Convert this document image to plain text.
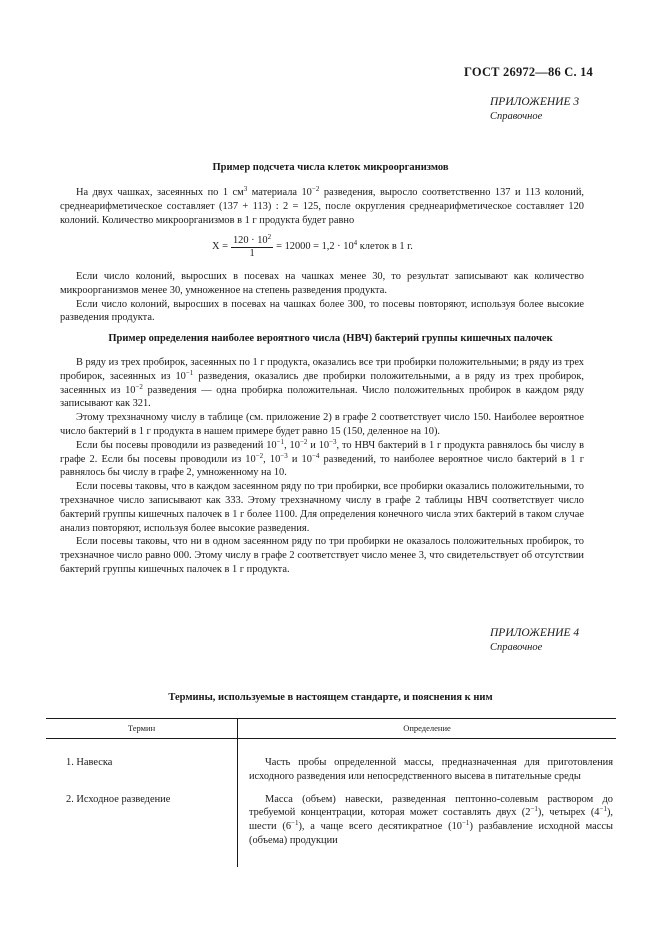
ГОСТ 26972—86 С. 14
ПРИЛОЖЕНИЕ 3
Справочное
Пример подсчета числа клеток микроорганизмов

На двух чашках, засеянных по 1 $см^3$ материала $10^{-2}$ разведения, выросло соответственно 137 и 113 колоний, среднеарифметическое составляет (137 + 113) : 2 = 125, после округления среднеарифметическое составляет 120 колоний. Количество микроорганизмов в 1 г продукта будет равно

$X = \frac{120 \cdot 10^2}{1} = 12000 = 1,2 \cdot 10^4$ клеток в 1 г.

Если число колоний, выросших в посевах на чашках менее 30, то результат записывают как количество микроорганизмов менее 30, умноженное на степень разведения продукта.

Если число колоний, выросших в посевах на чашках более 300, то посевы повторяют, используя более высокие разведения продукта.

Пример определения наиболее вероятного числа (НВЧ) бактерий группы кишечных палочек

В ряду из трех пробирок, засеянных по 1 г продукта, оказались все три пробирки положительными; в ряду из трех пробирок, засеянных из $10^{-1}$ разведения, оказались две пробирки положительными, а в ряду из трех пробирок, засеянных из $10^{-2}$ разведения — одна пробирка положительная. Число положительных пробирок в каждом ряду записывают как 321.

Этому трехзначному числу в таблице (см. приложение 2) в графе 2 соответствует число 150. Наиболее вероятное число бактерий в 1 г продукта в нашем примере будет равно 15 (150, деленное на 10).

Если бы посевы проводили из разведений $10^{-1}$, $10^{-2}$ и $10^{-3}$, то НВЧ бактерий в 1 г продукта равнялось бы числу в графе 2. Если бы посевы проводили из $10^{-2}$, $10^{-3}$ и $10^{-4}$ разведений, то наиболее вероятное число бактерий в 1 г равнялось бы числу в графе 2, умноженному на 10.

Если посевы таковы, что в каждом засеянном ряду по три пробирки, все пробирки оказались положительными, то трехзначное число записывают как 333. Этому трехзначному числу в графе 2 таблицы НВЧ соответствует число бактерий группы кишечных палочек в 1 г более 1100. Для определения конечного числа этих бактерий в таком случае анализ повторяют, используя более высокие разведения.

Если посевы таковы, что ни в одном засеянном ряду по три пробирки не оказалось положительных пробирок, то трехзначное число равно 000. Этому числу в графе 2 соответствует число менее 3, что свидетельствует об отсутствии бактерий группы кишечных палочек в 1 г продукта.

ПРИЛОЖЕНИЕ 4
Справочное
Термины, используемые в настоящем стандарте, и пояснения к ним
Термин	Определение
1. Навеска	Часть пробы определенной массы, предназначенная для приготовления исходного разведения или непосредственного высева в питательные среды

2. Исходное разведение	Масса (объем) навески, разведенная пептонно-солевым раствором до требуемой концентрации, которая может составлять двух $(2^{-1})$, четырех $(4^{-1})$, шести $(6^{-1})$, а чаще всего десятикратное $(10^{-1})$ разбавление исходной массы (объема) продукции
